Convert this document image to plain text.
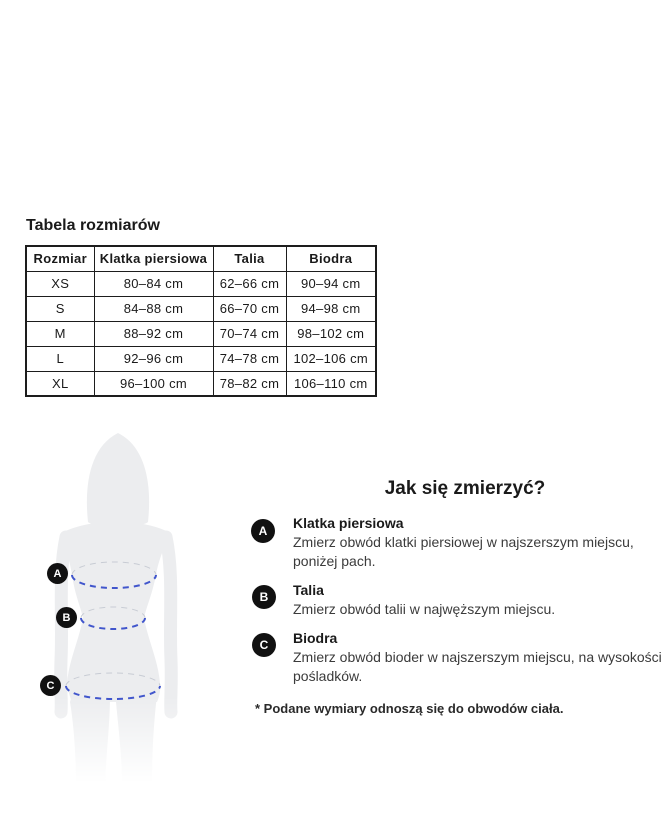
Tabela rozmiarów
Rozmiar	Klatka piersiowa	Talia	Biodra
XS	80–84 cm	62–66 cm	90–94 cm
S	84–88 cm	66–70 cm	94–98 cm
M	88–92 cm	70–74 cm	98–102 cm
L	92–96 cm	74–78 cm	102–106 cm
XL	96–100 cm	78–82 cm	106–110 cm
A
B
C
Jak się zmierzyć?
A	Klatka piersiowa
Zmierz obwód klatki piersiowej w najszerszym miejscu,
poniżej pach.
B	Talia
Zmierz obwód talii w najwęższym miejscu.
C	Biodra
Zmierz obwód bioder w najszerszym miejscu, na wysokości
pośladków.
* Podane wymiary odnoszą się do obwodów ciała.
